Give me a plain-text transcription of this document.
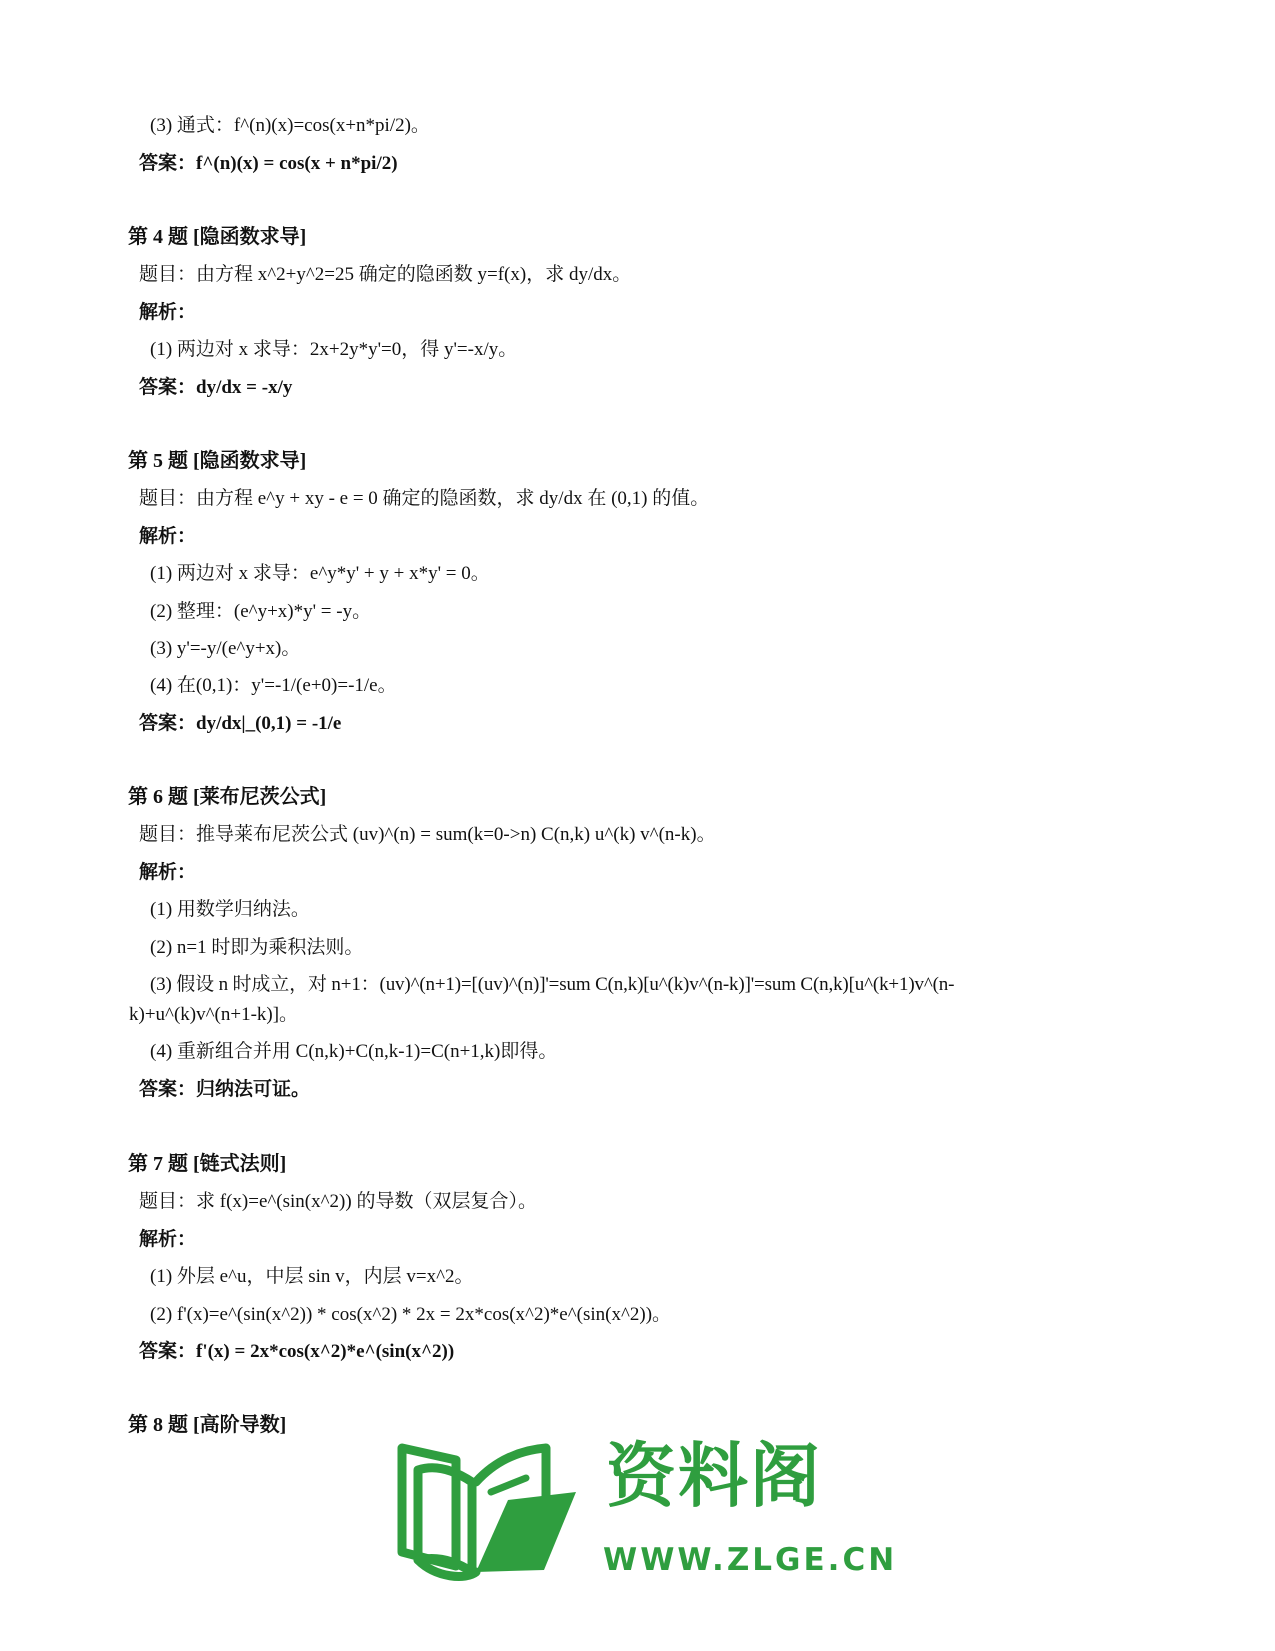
(3) 通式：f^(n)(x)=cos(x+n*pi/2)。
答案：f^(n)(x) = cos(x + n*pi/2)
第 4 题 [隐函数求导]
题目：由方程 x^2+y^2=25 确定的隐函数 y=f(x)，求 dy/dx。
解析：
(1) 两边对 x 求导：2x+2y*y'=0，得 y'=-x/y。
答案：dy/dx = -x/y
第 5 题 [隐函数求导]
题目：由方程 e^y + xy - e = 0 确定的隐函数，求 dy/dx 在 (0,1) 的值。
解析：
(1) 两边对 x 求导：e^y*y' + y + x*y' = 0。
(2) 整理：(e^y+x)*y' = -y。
(3) y'=-y/(e^y+x)。
(4) 在(0,1)：y'=-1/(e+0)=-1/e。
答案：dy/dx|_(0,1) = -1/e
第 6 题 [莱布尼茨公式]
题目：推导莱布尼茨公式 (uv)^(n) = sum(k=0->n) C(n,k) u^(k) v^(n-k)。
解析：
(1) 用数学归纳法。
(2) n=1 时即为乘积法则。
(3) 假设 n 时成立，对 n+1：(uv)^(n+1)=[(uv)^(n)]'=sum C(n,k)[u^(k)v^(n-k)]'=sum C(n,k)[u^(k+1)v^(n-
k)+u^(k)v^(n+1-k)]。
(4) 重新组合并用 C(n,k)+C(n,k-1)=C(n+1,k)即得。
答案：归纳法可证。
第 7 题 [链式法则]
题目：求 f(x)=e^(sin(x^2)) 的导数（双层复合）。
解析：
(1) 外层 e^u，中层 sin v，内层 v=x^2。
(2) f'(x)=e^(sin(x^2)) * cos(x^2) * 2x = 2x*cos(x^2)*e^(sin(x^2))。
答案：f'(x) = 2x*cos(x^2)*e^(sin(x^2))
第 8 题 [高阶导数]
资料阁
WWW.ZLGE.CN
